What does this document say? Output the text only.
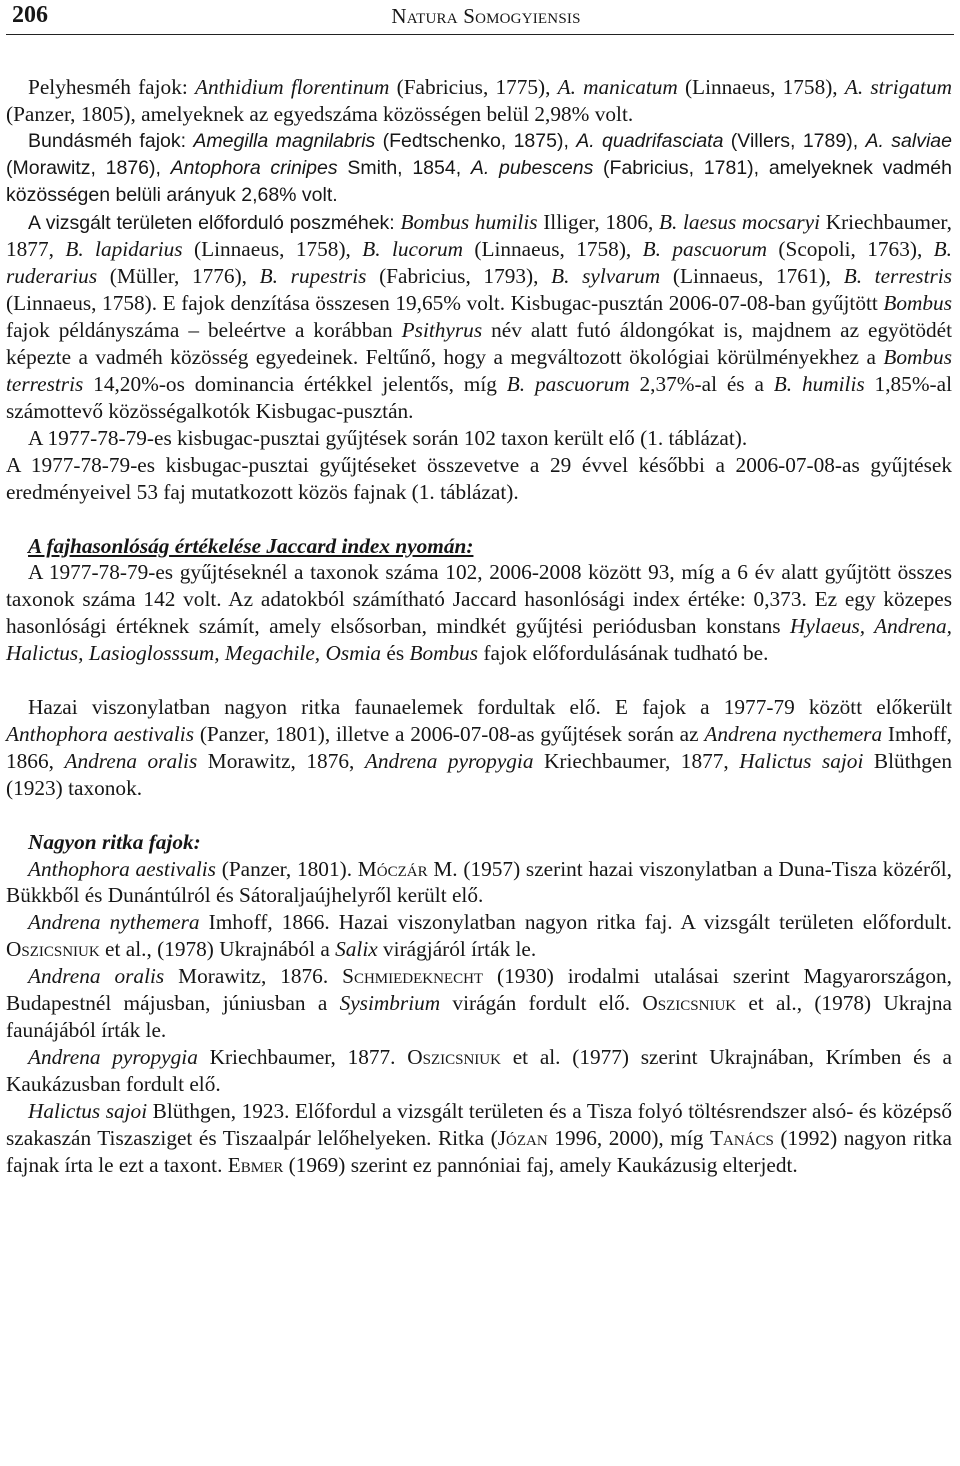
206	Natura Somogyiensis

Pelyhesméh fajok: Anthidium florentinum (Fabricius, 1775), A. manicatum (Linnaeus, 1758), A. strigatum (Panzer, 1805), amelyeknek az egyedszáma közösségen belül 2,98% volt.

Bundásméh fajok: Amegilla magnilabris (Fedtschenko, 1875), A. quadrifasciata (Villers, 1789), A. salviae (Morawitz, 1876), Antophora crinipes Smith, 1854, A. pubescens (Fabricius, 1781), amelyeknek vadméh közösségen belüli arányuk 2,68% volt.

A vizsgált területen előforduló poszméhek: Bombus humilis Illiger, 1806, B. laesus mocsaryi Kriechbaumer, 1877, B. lapidarius (Linnaeus, 1758), B. lucorum (Linnaeus, 1758), B. pascuorum (Scopoli, 1763), B. ruderarius (Müller, 1776), B. rupestris (Fabricius, 1793), B. sylvarum (Linnaeus, 1761), B. terrestris (Linnaeus, 1758). E fajok denzítása összesen 19,65% volt. Kisbugac-pusztán 2006-07-08-ban gyűjtött Bombus fajok példányszáma – beleértve a korábban Psithyrus név alatt futó áldongókat is, majdnem az egyötödét képezte a vadméh közösség egyedeinek. Feltűnő, hogy a megváltozott ökológiai körülményekhez a Bombus terrestris 14,20%-os dominancia értékkel jelentős, míg B. pascuorum 2,37%-al és a B. humilis 1,85%-al számottevő közösségalkotók Kisbugac-pusztán.

A 1977-78-79-es kisbugac-pusztai gyűjtések során 102 taxon került elő (1. táblázat).

A 1977-78-79-es kisbugac-pusztai gyűjtéseket összevetve a 29 évvel későbbi a 2006-07-08-as gyűjtések eredményeivel 53 faj mutatkozott közös fajnak (1. táblázat).

A fajhasonlóság értékelése Jaccard index nyomán:

A 1977-78-79-es gyűjtéseknél a taxonok száma 102, 2006-2008 között 93, míg a 6 év alatt gyűjtött összes taxonok száma 142 volt. Az adatokból számítható Jaccard hasonlósági index értéke: 0,373. Ez egy közepes hasonlósági értéknek számít, amely elsősorban, mindkét gyűjtési periódusban konstans Hylaeus, Andrena, Halictus, Lasioglosssum, Megachile, Osmia és Bombus fajok előfordulásának tudható be.

Hazai viszonylatban nagyon ritka faunaelemek fordultak elő. E fajok a 1977-79 között előkerült Anthophora aestivalis (Panzer, 1801), illetve a 2006-07-08-as gyűjtések során az Andrena nycthemera Imhoff, 1866, Andrena oralis Morawitz, 1876, Andrena pyropygia Kriechbaumer, 1877, Halictus sajoi Blüthgen (1923) taxonok.

Nagyon ritka fajok:

Anthophora aestivalis (Panzer, 1801). Móczár M. (1957) szerint hazai viszonylatban a Duna-Tisza közéről, Bükkből és Dunántúlról és Sátoraljaújhelyről került elő.

Andrena nythemera Imhoff, 1866. Hazai viszonylatban nagyon ritka faj. A vizsgált területen előfordult. Oszicsniuk et al., (1978) Ukrajnából a Salix virágjáról írták le.

Andrena oralis Morawitz, 1876. Schmiedeknecht (1930) irodalmi utalásai szerint Magyarországon, Budapestnél májusban, júniusban a Sysimbrium virágán fordult elő. Oszicsniuk et al., (1978) Ukrajna faunájából írták le.

Andrena pyropygia Kriechbaumer, 1877. Oszicsniuk et al. (1977) szerint Ukrajnában, Krímben és a Kaukázusban fordult elő.

Halictus sajoi Blüthgen, 1923. Előfordul a vizsgált területen és a Tisza folyó töltésrendszer alsó- és középső szakaszán Tiszasziget és Tiszaalpár lelőhelyeken. Ritka (Józan 1996, 2000), míg Tanács (1992) nagyon ritka fajnak írta le ezt a taxont. Ebmer (1969) szerint ez pannóniai faj, amely Kaukázusig elterjedt.
